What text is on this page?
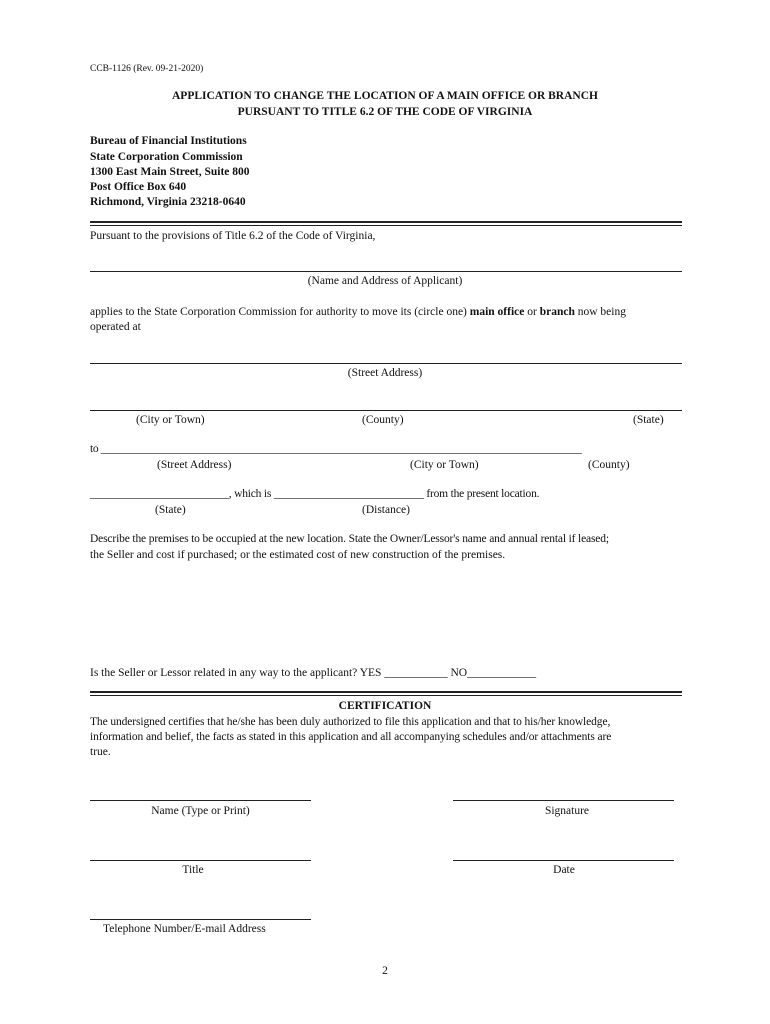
CCB-1126 (Rev. 09-21-2020)
APPLICATION TO CHANGE THE LOCATION OF A MAIN OFFICE OR BRANCH
PURSUANT TO TITLE 6.2 OF THE CODE OF VIRGINIA
Bureau of Financial Institutions
State Corporation Commission
1300 East Main Street, Suite 800
Post Office Box 640
Richmond, Virginia 23218-0640
Pursuant to the provisions of Title 6.2 of the Code of Virginia,
(Name and Address of Applicant)
applies to the State Corporation Commission for authority to move its (circle one) main office or branch now being
operated at
(Street Address)
(City or Town)	(County)	(State)
to _________________________________________________________________________________________
(Street Address)	(City or Town)	(County)
_________________________, which is ___________________________ from the present location.
(State)	(Distance)
Describe the premises to be occupied at the new location. State the Owner/Lessor's name and annual rental if leased;
the Seller and cost if purchased; or the estimated cost of new construction of the premises.
Is the Seller or Lessor related in any way to the applicant? YES ___________ NO____________
CERTIFICATION
The undersigned certifies that he/she has been duly authorized to file this application and that to his/her knowledge,
information and belief, the facts as stated in this application and all accompanying schedules and/or attachments are
true.
Name (Type or Print)	Signature
Title	Date
Telephone Number/E-mail Address
2
